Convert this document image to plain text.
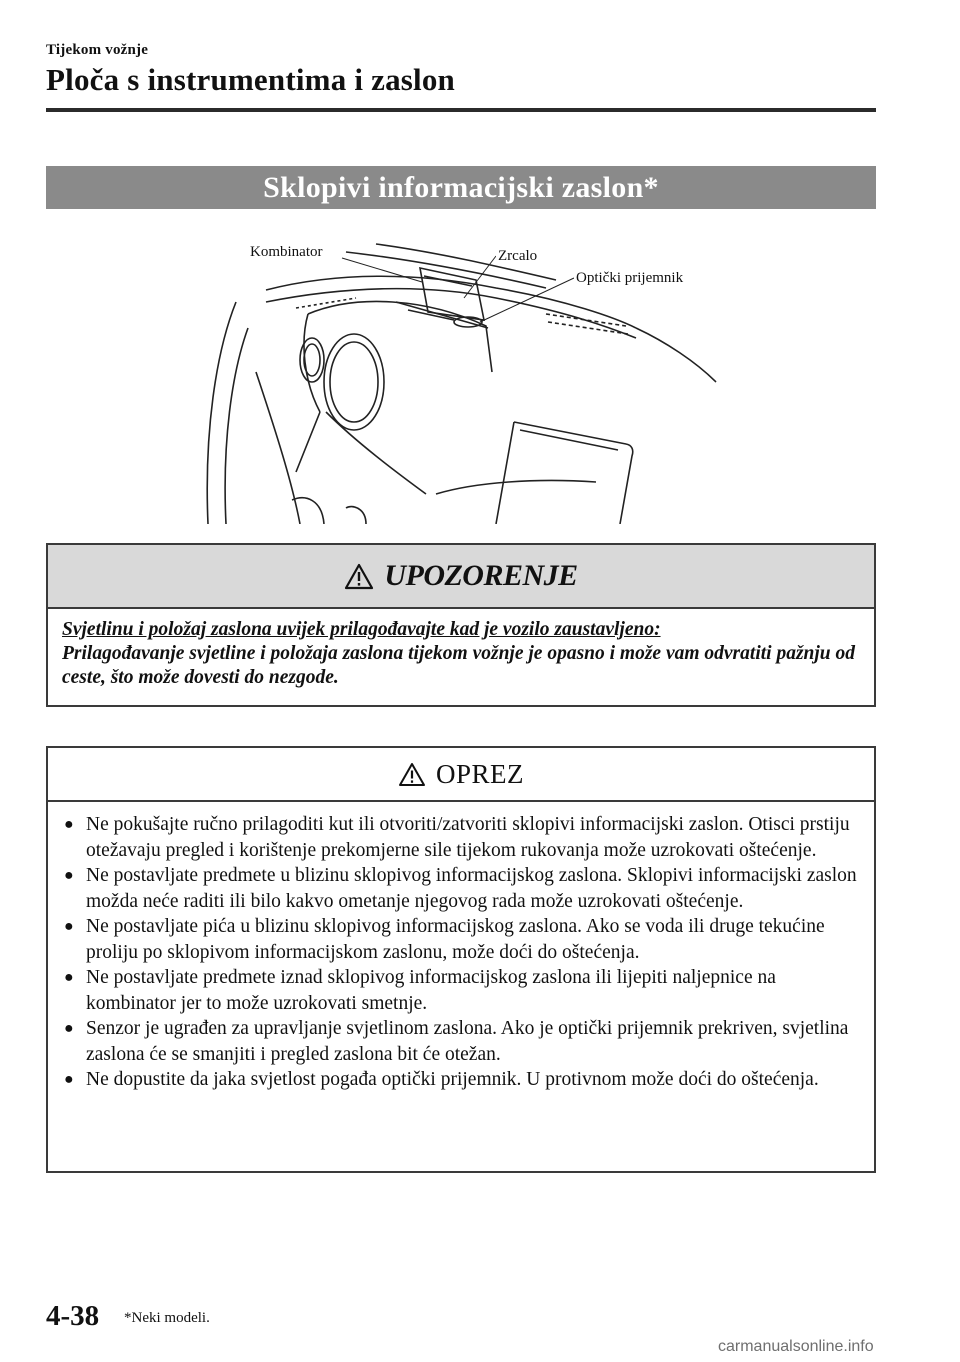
Tijekom vožnje
Ploča s instrumentima i zaslon
Sklopivi informacijski zaslon*
Kombinator	Zrcalo
Optički prijemnik
UPOZORENJE
Svjetlinu i položaj zaslona uvijek prilagođavajte kad je vozilo zaustavljeno:
Prilagođavanje svjetline i položaja zaslona tijekom vožnje je opasno i može vam odvratiti pažnju od ceste, što može dovesti do nezgode.
OPREZ
● Ne pokušajte ručno prilagoditi kut ili otvoriti/zatvoriti sklopivi informacijski zaslon. Otisci prstiju otežavaju pregled i korištenje prekomjerne sile tijekom rukovanja može uzrokovati oštećenje.
● Ne postavljate predmete u blizinu sklopivog informacijskog zaslona. Sklopivi informacijski zaslon možda neće raditi ili bilo kakvo ometanje njegovog rada može uzrokovati oštećenje.
● Ne postavljate pića u blizinu sklopivog informacijskog zaslona. Ako se voda ili druge tekućine proliju po sklopivom informacijskom zaslonu, može doći do oštećenja.
● Ne postavljate predmete iznad sklopivog informacijskog zaslona ili lijepiti naljepnice na kombinator jer to može uzrokovati smetnje.
● Senzor je ugrađen za upravljanje svjetlinom zaslona. Ako je optički prijemnik prekriven, svjetlina zaslona će se smanjiti i pregled zaslona bit će otežan.
● Ne dopustite da jaka svjetlost pogađa optički prijemnik. U protivnom može doći do oštećenja.
4-38 *Neki modeli.
carmanualsonline.info
